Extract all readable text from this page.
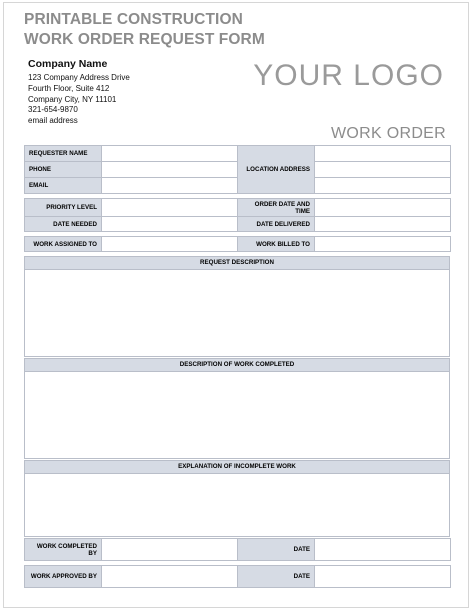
PRINTABLE CONSTRUCTION
WORK ORDER REQUEST FORM
Company Name
123 Company Address Drive
Fourth Floor, Suite 412
Company City, NY 11101
321-654-9870
email address
YOUR LOGO
WORK ORDER
REQUESTER NAME		LOCATION ADDRESS	
PHONE			
EMAIL			
PRIORITY LEVEL		ORDER DATE AND TIME	
DATE NEEDED		DATE DELIVERED	
WORK ASSIGNED TO		WORK BILLED TO	
REQUEST DESCRIPTION
DESCRIPTION OF WORK COMPLETED
EXPLANATION OF INCOMPLETE WORK
WORK COMPLETED BY		DATE	
WORK APPROVED BY		DATE	
